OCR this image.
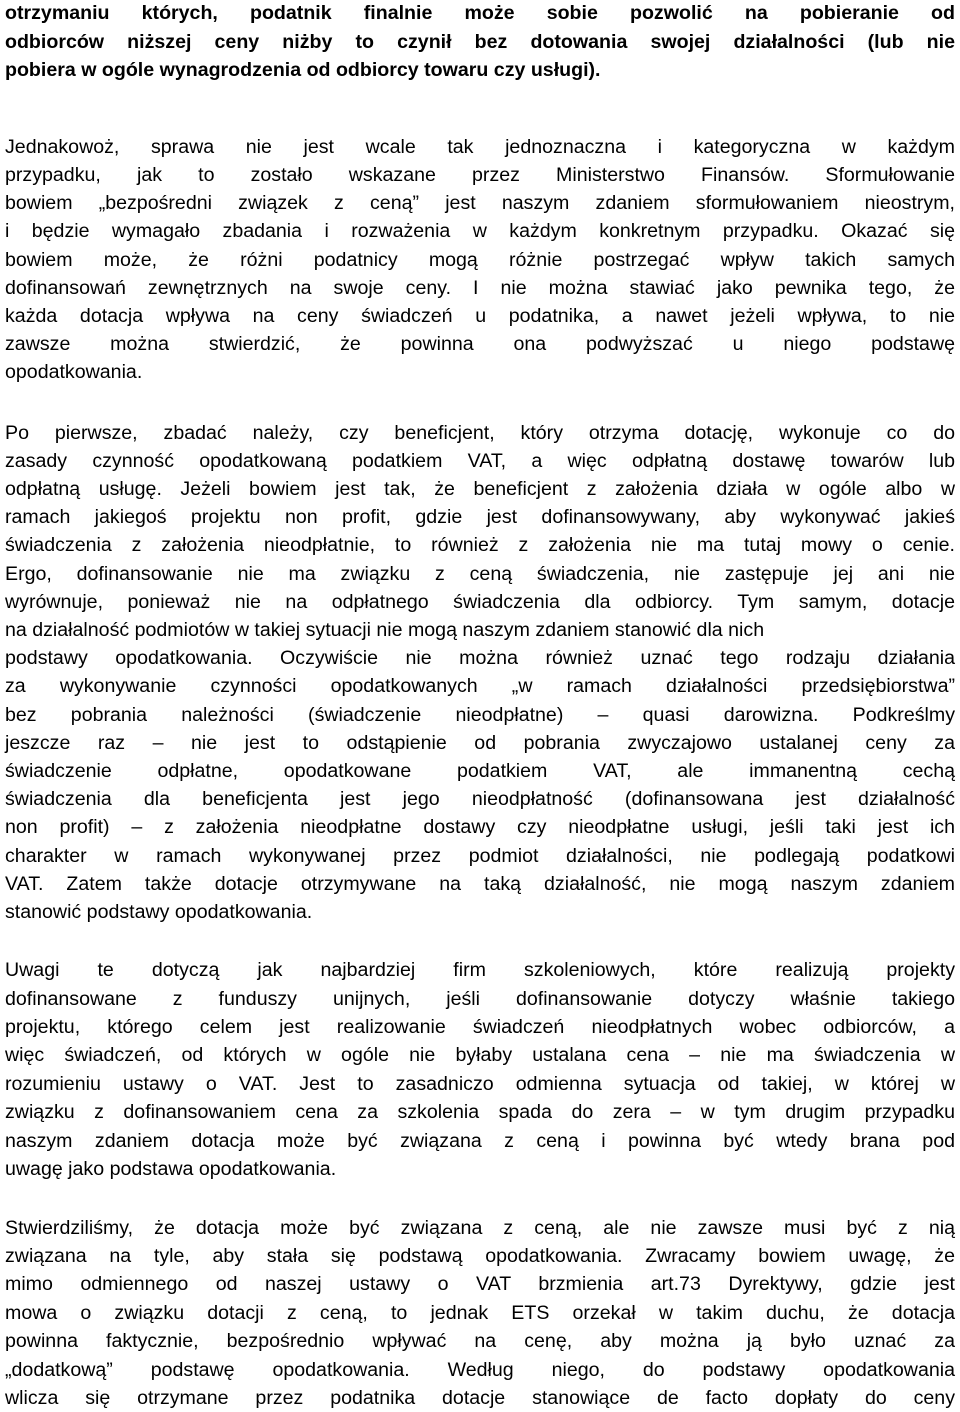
otrzymaniu których, podatnik finalnie może sobie pozwolić na pobieranie od
odbiorców niższej ceny niżby to czynił bez dotowania swojej działalności (lub nie
pobiera w ogóle wynagrodzenia od odbiorcy towaru czy usługi).
Jednakowoż, sprawa nie jest wcale tak jednoznaczna i kategoryczna w każdym
przypadku, jak to zostało wskazane przez Ministerstwo Finansów. Sformułowanie
bowiem „bezpośredni związek z ceną” jest naszym zdaniem sformułowaniem nieostrym,
i będzie wymagało zbadania i rozważenia w każdym konkretnym przypadku. Okazać się
bowiem może, że różni podatnicy mogą różnie postrzegać wpływ takich samych
dofinansowań zewnętrznych na swoje ceny. I nie można stawiać jako pewnika tego, że
każda dotacja wpływa na ceny świadczeń u podatnika, a nawet jeżeli wpływa, to nie
zawsze można stwierdzić, że powinna ona podwyższać u niego podstawę
opodatkowania.
Po pierwsze, zbadać należy, czy beneficjent, który otrzyma dotację, wykonuje co do
zasady czynność opodatkowaną podatkiem VAT, a więc odpłatną dostawę towarów lub
odpłatną usługę. Jeżeli bowiem jest tak, że beneficjent z założenia działa w ogóle albo w
ramach jakiegoś projektu non profit, gdzie jest dofinansowywany, aby wykonywać jakieś
świadczenia z założenia nieodpłatnie, to również z założenia nie ma tutaj mowy o cenie.
Ergo, dofinansowanie nie ma związku z ceną świadczenia, nie zastępuje jej ani nie
wyrównuje, ponieważ nie na odpłatnego świadczenia dla odbiorcy. Tym samym, dotacje
na działalność podmiotów w takiej sytuacji nie mogą naszym zdaniem stanowić dla nich
podstawy opodatkowania. Oczywiście nie można również uznać tego rodzaju działania
za wykonywanie czynności opodatkowanych „w ramach działalności przedsiębiorstwa”
bez pobrania należności (świadczenie nieodpłatne) – quasi darowizna. Podkreślmy
jeszcze raz – nie jest to odstąpienie od pobrania zwyczajowo ustalanej ceny za
świadczenie odpłatne, opodatkowane podatkiem VAT, ale immanentną cechą
świadczenia dla beneficjenta jest jego nieodpłatność (dofinansowana jest działalność
non profit) – z założenia nieodpłatne dostawy czy nieodpłatne usługi, jeśli taki jest ich
charakter w ramach wykonywanej przez podmiot działalności, nie podlegają podatkowi
VAT. Zatem także dotacje otrzymywane na taką działalność, nie mogą naszym zdaniem
stanowić podstawy opodatkowania.
Uwagi te dotyczą jak najbardziej firm szkoleniowych, które realizują projekty
dofinansowane z funduszy unijnych, jeśli dofinansowanie dotyczy właśnie takiego
projektu, którego celem jest realizowanie świadczeń nieodpłatnych wobec odbiorców, a
więc świadczeń, od których w ogóle nie byłaby ustalana cena – nie ma świadczenia w
rozumieniu ustawy o VAT. Jest to zasadniczo odmienna sytuacja od takiej, w której w
związku z dofinansowaniem cena za szkolenia spada do zera – w tym drugim przypadku
naszym zdaniem dotacja może być związana z ceną i powinna być wtedy brana pod
uwagę jako podstawa opodatkowania.
Stwierdziliśmy, że dotacja może być związana z ceną, ale nie zawsze musi być z nią
związana na tyle, aby stała się podstawą opodatkowania. Zwracamy bowiem uwagę, że
mimo odmiennego od naszej ustawy o VAT brzmienia art.73 Dyrektywy, gdzie jest
mowa o związku dotacji z ceną, to jednak ETS orzekał w takim duchu, że dotacja
powinna faktycznie, bezpośrednio wpływać na cenę, aby można ją było uznać za
„dodatkową” podstawę opodatkowania. Według niego, do podstawy opodatkowania
wlicza się otrzymane przez podatnika dotacje stanowiące de facto dopłaty do ceny
